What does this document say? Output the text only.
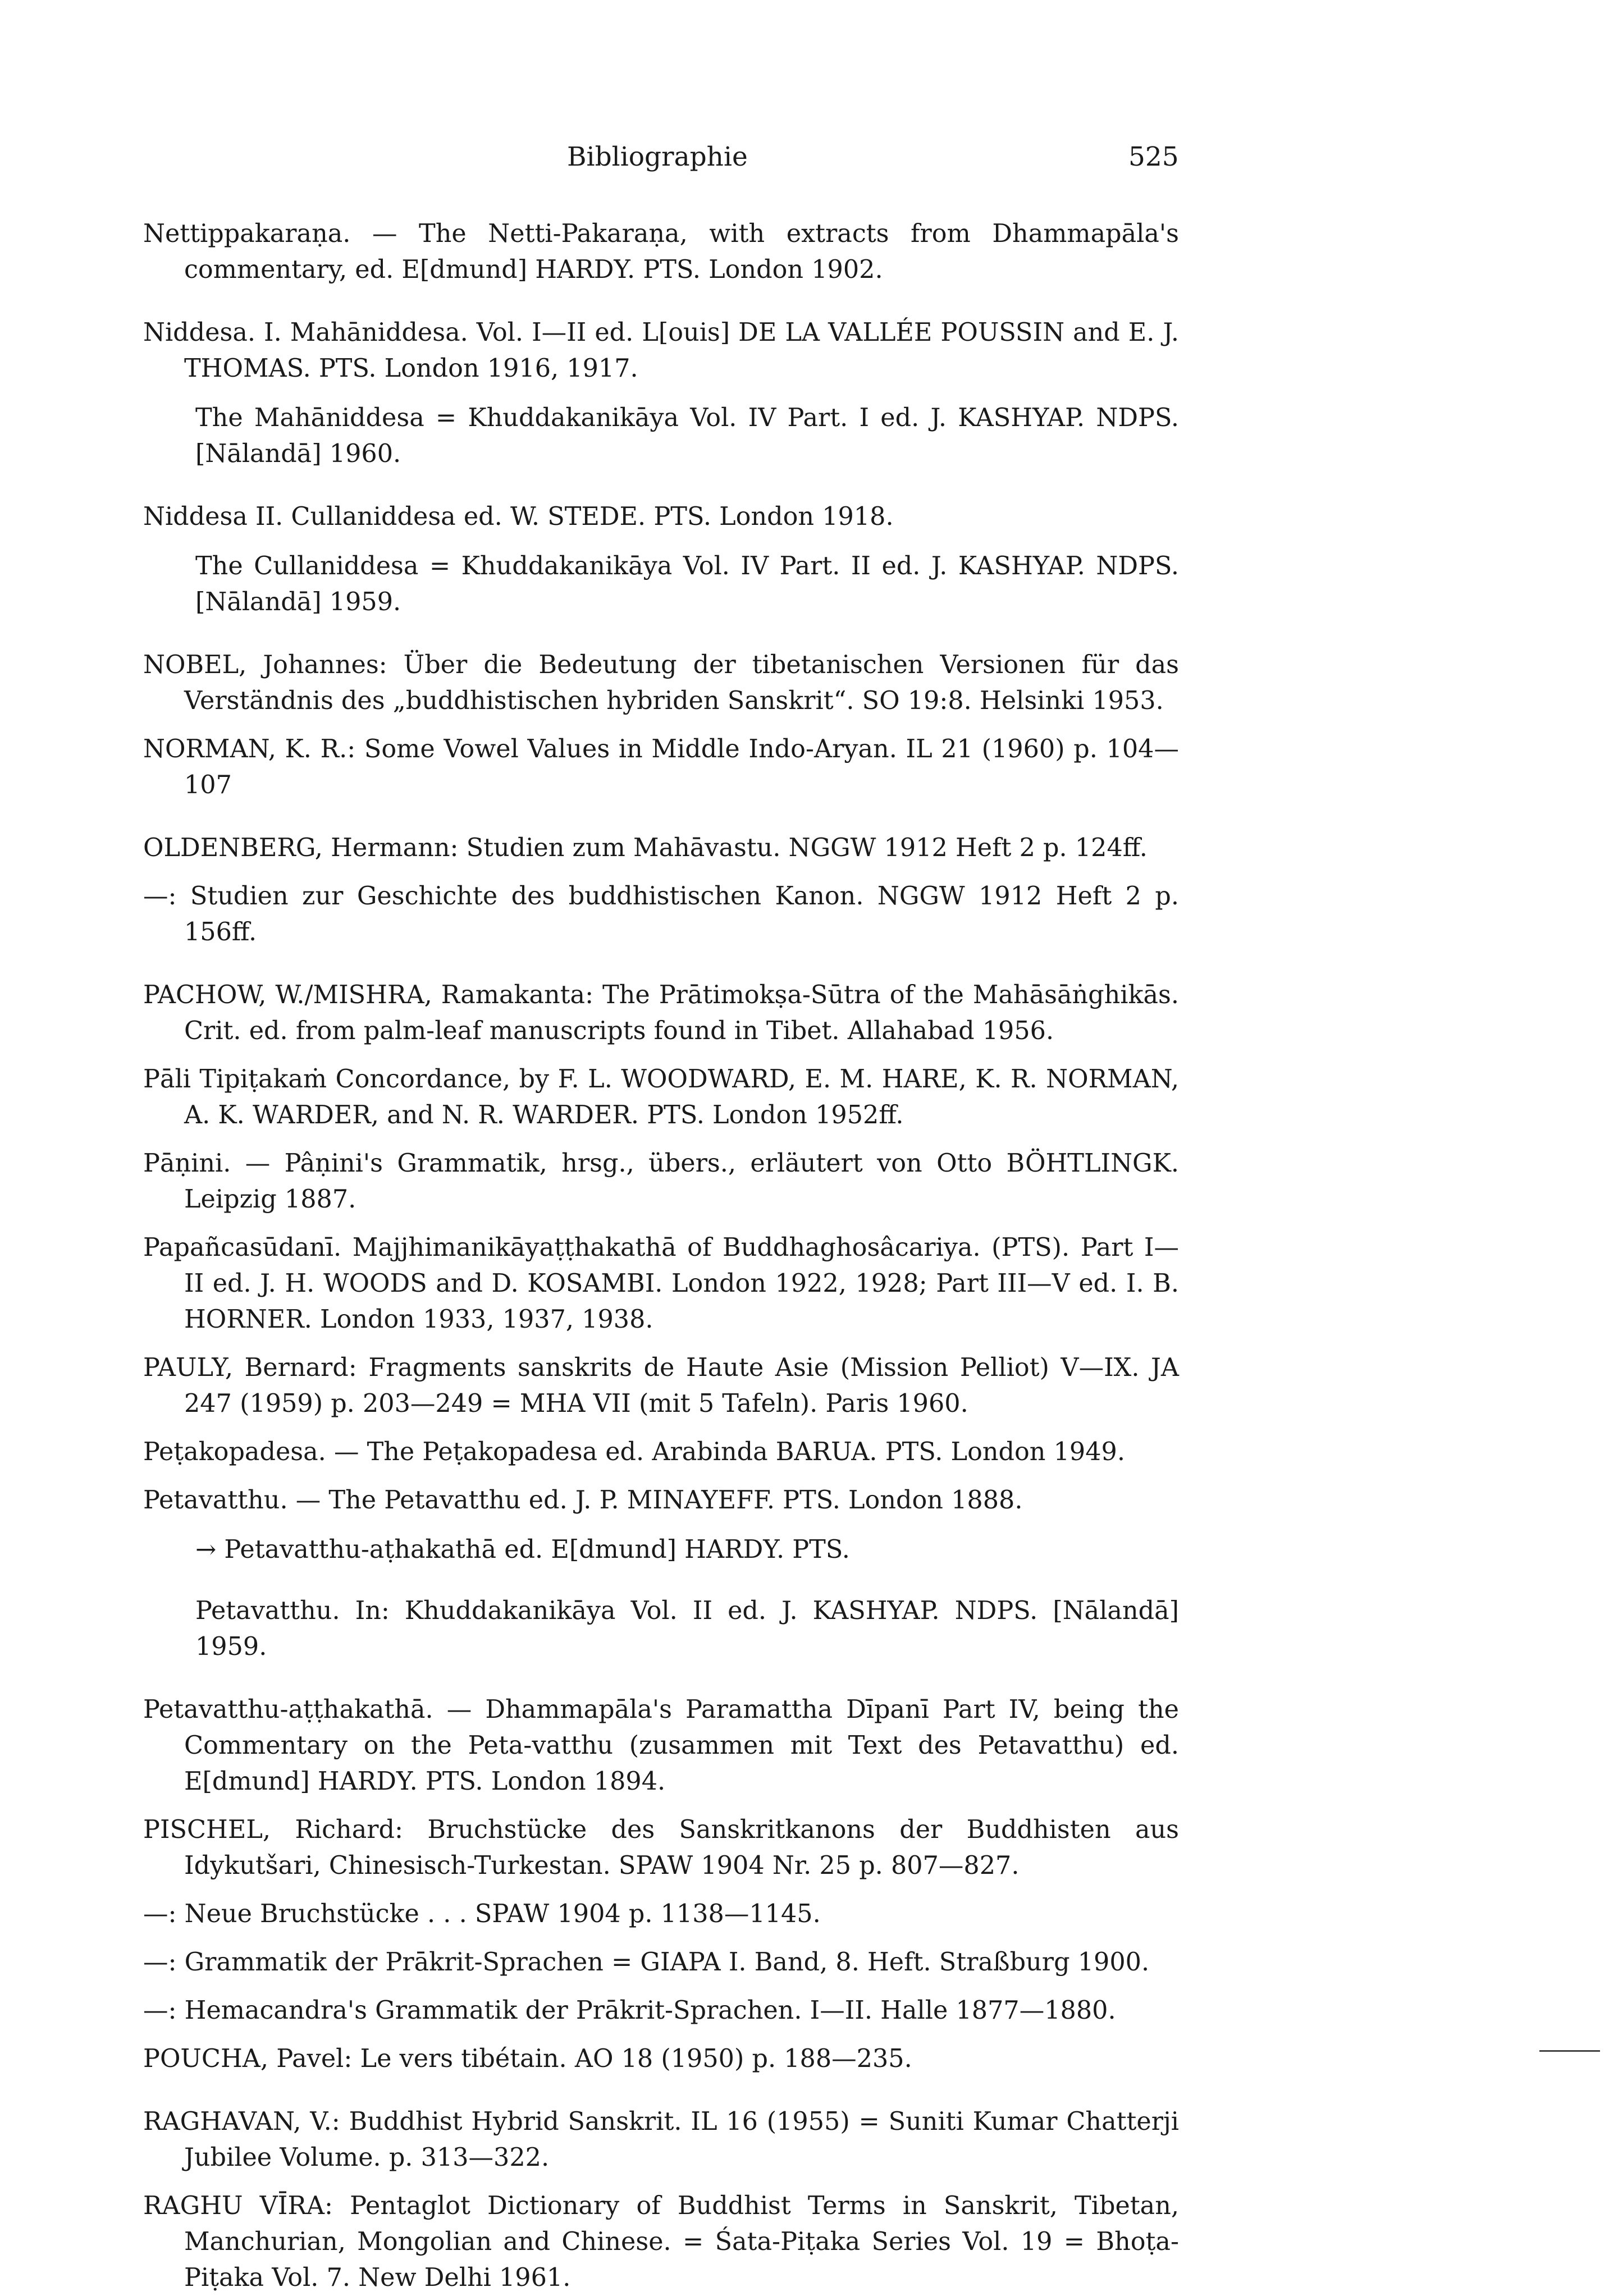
Bibliographie	525

Nettippakaraṇa. — The Netti-Pakaraṇa, with extracts from Dhammapāla's commentary, ed. E[dmund] HARDY. PTS. London 1902.

Niddesa. I. Mahāniddesa. Vol. I—II ed. L[ouis] DE LA VALLÉE POUSSIN and E. J. THOMAS. PTS. London 1916, 1917.

The Mahāniddesa = Khuddakanikāya Vol. IV Part. I ed. J. KASHYAP. NDPS. [Nālandā] 1960.

Niddesa II. Cullaniddesa ed. W. STEDE. PTS. London 1918.

The Cullaniddesa = Khuddakanikāya Vol. IV Part. II ed. J. KASHYAP. NDPS. [Nālandā] 1959.

NOBEL, Johannes: Über die Bedeutung der tibetanischen Versionen für das Verständnis des „buddhistischen hybriden Sanskrit“. SO 19:8. Helsinki 1953.

NORMAN, K. R.: Some Vowel Values in Middle Indo-Aryan. IL 21 (1960) p. 104—107

OLDENBERG, Hermann: Studien zum Mahāvastu. NGGW 1912 Heft 2 p. 124ff.

—: Studien zur Geschichte des buddhistischen Kanon. NGGW 1912 Heft 2 p. 156ff.

PACHOW, W./MISHRA, Ramakanta: The Prātimokṣa-Sūtra of the Mahāsāṅghikās. Crit. ed. from palm-leaf manuscripts found in Tibet. Allahabad 1956.

Pāli Tipiṭakaṁ Concordance, by F. L. WOODWARD, E. M. HARE, K. R. NORMAN, A. K. WARDER, and N. R. WARDER. PTS. London 1952ff.

Pāṇini. — Pâṇini's Grammatik, hrsg., übers., erläutert von Otto BÖHTLINGK. Leipzig 1887.

Papañcasūdanī. Majjhimanikāyaṭṭhakathā of Buddhaghosâcariya. (PTS). Part I—II ed. J. H. WOODS and D. KOSAMBI. London 1922, 1928; Part III—V ed. I. B. HORNER. London 1933, 1937, 1938.

PAULY, Bernard: Fragments sanskrits de Haute Asie (Mission Pelliot) V—IX. JA 247 (1959) p. 203—249 = MHA VII (mit 5 Tafeln). Paris 1960.

Peṭakopadesa. — The Peṭakopadesa ed. Arabinda BARUA. PTS. London 1949.

Petavatthu. — The Petavatthu ed. J. P. MINAYEFF. PTS. London 1888.

→ Petavatthu-aṭhakathā ed. E[dmund] HARDY. PTS.

Petavatthu. In: Khuddakanikāya Vol. II ed. J. KASHYAP. NDPS. [Nālandā] 1959.

Petavatthu-aṭṭhakathā. — Dhammapāla's Paramattha Dīpanī Part IV, being the Commentary on the Peta-vatthu (zusammen mit Text des Petavatthu) ed. E[dmund] HARDY. PTS. London 1894.

PISCHEL, Richard: Bruchstücke des Sanskritkanons der Buddhisten aus Idykutšari, Chinesisch-Turkestan. SPAW 1904 Nr. 25 p. 807—827.

—: Neue Bruchstücke . . . SPAW 1904 p. 1138—1145.

—: Grammatik der Prākrit-Sprachen = GIAPA I. Band, 8. Heft. Straßburg 1900.

—: Hemacandra's Grammatik der Prākrit-Sprachen. I—II. Halle 1877—1880.

POUCHA, Pavel: Le vers tibétain. AO 18 (1950) p. 188—235.

RAGHAVAN, V.: Buddhist Hybrid Sanskrit. IL 16 (1955) = Suniti Kumar Chatterji Jubilee Volume. p. 313—322.

RAGHU VĪRA: Pentaglot Dictionary of Buddhist Terms in Sanskrit, Tibetan, Manchurian, Mongolian and Chinese. = Śata-Piṭaka Series Vol. 19 = Bhoṭa-Piṭaka Vol. 7. New Delhi 1961.
